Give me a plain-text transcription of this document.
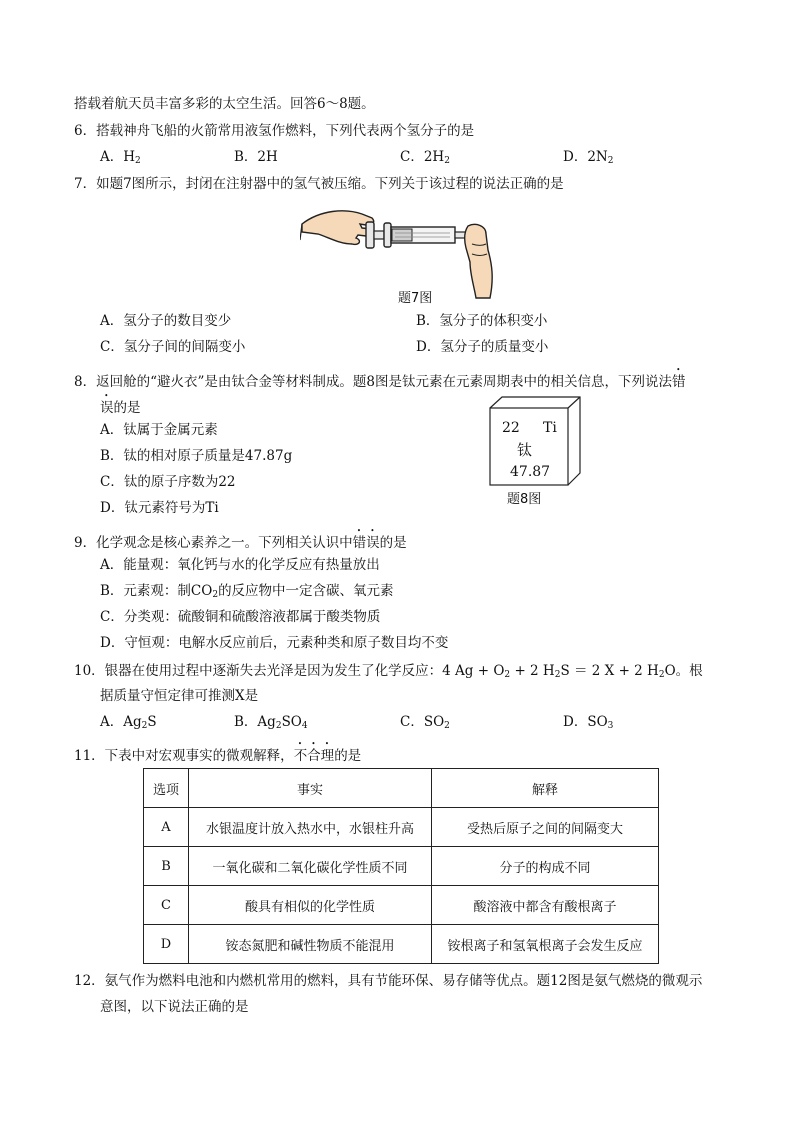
搭载着航天员丰富多彩的太空生活。回答6～8题。
6．搭载神舟飞船的火箭常用液氢作燃料，下列代表两个氢分子的是
A．$H_2$	B．2H	C．$2H_2$	D．$2N_2$
7．如题7图所示，封闭在注射器中的氢气被压缩。下列关于该过程的说法正确的是
题7图
A．氢分子的数目变少	B．氢分子的体积变小
C．氢分子间的间隔变小	D．氢分子的质量变小
8．返回舱的“避火衣”是由钛合金等材料制成。题8图是钛元素在元素周期表中的相关信息，下列说法错
误的是
A．钛属于金属元素
B．钛的相对原子质量是47.87g
C．钛的原子序数为22
D．钛元素符号为Ti
22 Ti
钛
47.87
题8图
9．化学观念是核心素养之一。下列相关认识中错误的是
A．能量观：氧化钙与水的化学反应有热量放出
B．元素观：制$CO_2$的反应物中一定含碳、氧元素
C．分类观：硫酸铜和硫酸溶液都属于酸类物质
D．守恒观：电解水反应前后，元素种类和原子数目均不变
10．银器在使用过程中逐渐失去光泽是因为发生了化学反应：4 $Ag + O_2 + 2$ $H_2S = 2$ X + 2 $H_2O$。根
据质量守恒定律可推测X是
A．$Ag_2S$	B．$Ag_2SO_4$	C．$SO_2$	D．$SO_3$
11．下表中对宏观事实的微观解释，不合理的是
选项	事实	解释
A	水银温度计放入热水中，水银柱升高	受热后原子之间的间隔变大
B	一氧化碳和二氧化碳化学性质不同	分子的构成不同
C	酸具有相似的化学性质	酸溶液中都含有酸根离子
D	铵态氮肥和碱性物质不能混用	铵根离子和氢氧根离子会发生反应
12．氨气作为燃料电池和内燃机常用的燃料，具有节能环保、易存储等优点。题12图是氨气燃烧的微观示
意图，以下说法正确的是
